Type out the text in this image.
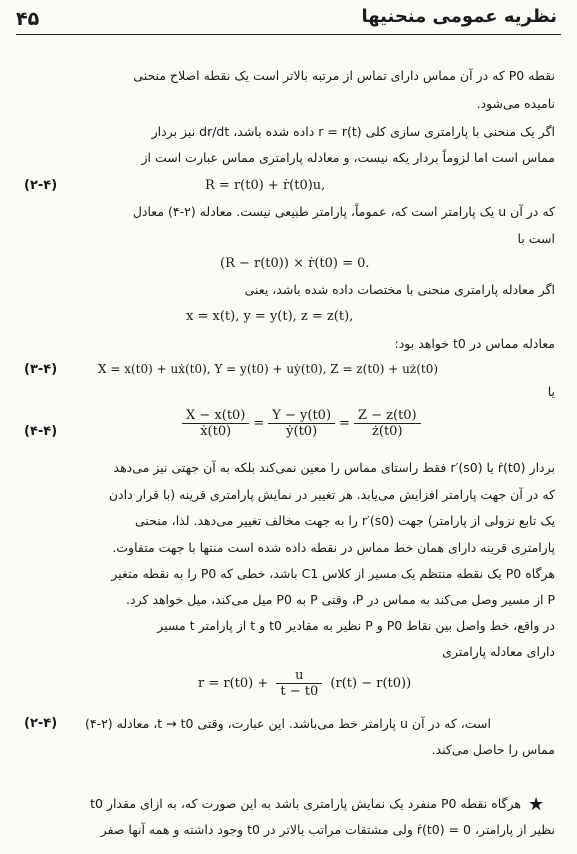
۴۵	نظریه عمومی منحنیها
نقطه P0 که در آن مماس دارای تماس از مرتبه بالاتر است یک نقطه اصلاح منحنی
نامیده می‌شود.
اگر یک منحنی با پارامتری سازی کلی r = r(t) داده شده باشد، dr/dt نیز بردار
مماس است اما لزوماً بردار یکه نیست، و معادله پارامتری مماس عبارت است از
R = r(t0) + ṙ(t0)u,
(۲-۴)
که در آن u یک پارامتر است که، عموماً، پارامتر طبیعی نیست. معادله (۲-۴) معادل
است با
(R − r(t0)) × ṙ(t0) = 0.
اگر معادله پارامتری منحنی با مختصات داده شده باشد، یعنی
x = x(t), y = y(t), z = z(t),
معادله مماس در t0 خواهد بود:
X = x(t0) + uẋ(t0), Y = y(t0) + uẏ(t0), Z = z(t0) + uż(t0)
(۳-۴)
یا
$\frac{X - x(t0)}{\text{ẋ(t0)}} = \frac{Y - y(t0)}{\text{ẏ(t0)}} = \frac{Z - z(t0)}{ż(t0)}$
(۴-۴)
بردار ṙ(t0) یا r′(s0) فقط راستای مماس را معین نمی‌کند بلکه به آن جهتی نیز می‌دهد
که در آن جهت پارامتر افزایش می‌یابد. هر تغییر در نمایش پارامتری قرینه (با قرار دادن
یک تابع نزولی از پارامتر) جهت r′(s0) را به جهت مخالف تغییر می‌دهد. لذا، منحنی
پارامتری قرینه دارای همان خط مماس در نقطه داده شده است منتها با جهت متفاوت.
هرگاه P0 یک نقطه منتظم یک مسیر از کلاس C1 باشد، خطی که P0 را به نقطه متغیر
P از مسیر وصل می‌کند به مماس در P، وقتی P به P0 میل می‌کند، میل خواهد کرد.
در واقع، خط واصل بین نقاط P0 و P نظیر به مقادیر t0 و t از پارامتر t مسیر
دارای معادله پارامتری
$r = r(t0) + \frac{u}{t - t0} (r(t) - r(t0))$
است، که در آن u پارامتر خط می‌باشد. این عبارت، وقتی t → t0، معادله (۲-۴)
(۲-۴)
مماس را حاصل می‌کند.
★
هرگاه نقطه P0 منفرد یک نمایش پارامتری باشد به این صورت که، به ازای مقدار t0
نظیر از پارامتر، ṙ(t0) = 0 ولی مشتقات مراتب بالاتر در t0 وجود داشته و همه آنها صفر
